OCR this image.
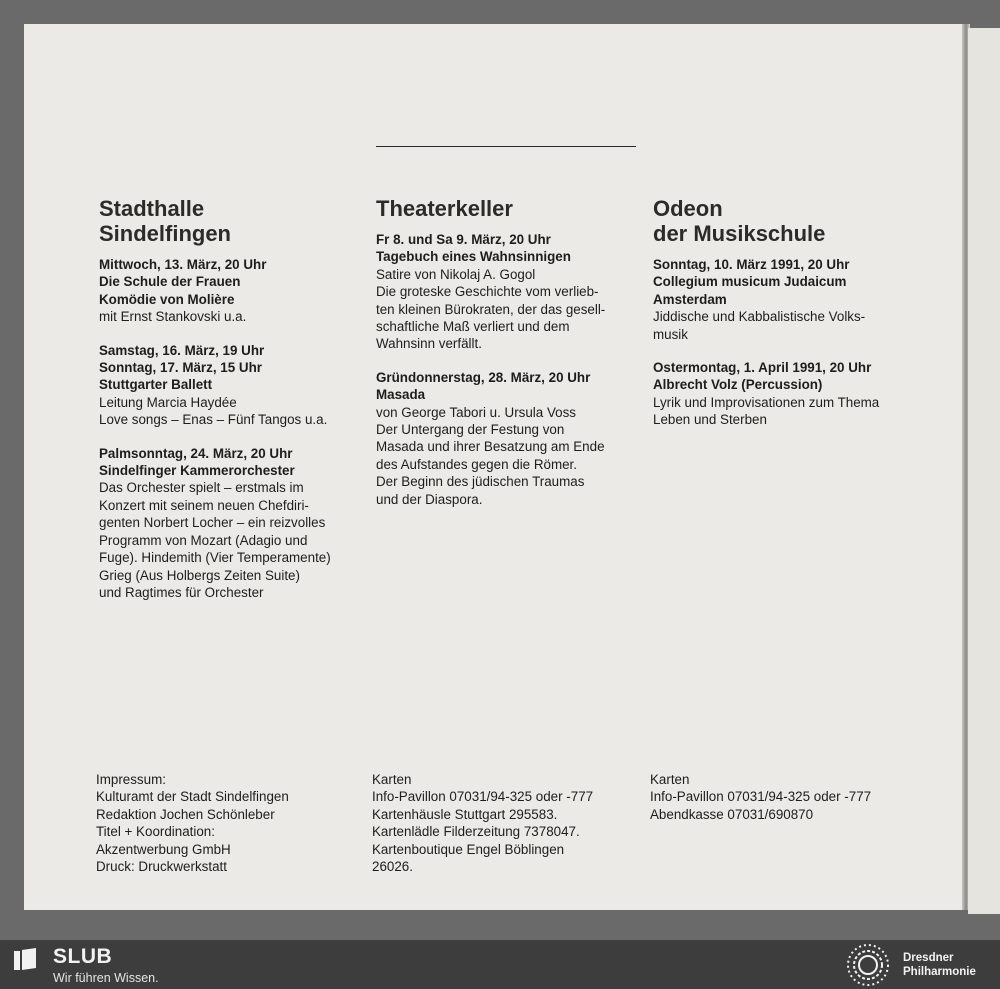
Stadthalle
Sindelfingen
Mittwoch, 13. März, 20 Uhr
Die Schule der Frauen
Komödie von Molière
mit Ernst Stankovski u.a.
Samstag, 16. März, 19 Uhr
Sonntag, 17. März, 15 Uhr
Stuttgarter Ballett
Leitung Marcia Haydée
Love songs – Enas – Fünf Tangos u.a.
Palmsonntag, 24. März, 20 Uhr
Sindelfinger Kammerorchester
Das Orchester spielt – erstmals im
Konzert mit seinem neuen Chefdiri-
genten Norbert Locher – ein reizvolles
Programm von Mozart (Adagio und
Fuge). Hindemith (Vier Temperamente)
Grieg (Aus Holbergs Zeiten Suite)
und Ragtimes für Orchester
Theaterkeller
Fr 8. und Sa 9. März, 20 Uhr
Tagebuch eines Wahnsinnigen
Satire von Nikolaj A. Gogol
Die groteske Geschichte vom verlieb-
ten kleinen Bürokraten, der das gesell-
schaftliche Maß verliert und dem
Wahnsinn verfällt.
Gründonnerstag, 28. März, 20 Uhr
Masada
von George Tabori u. Ursula Voss
Der Untergang der Festung von
Masada und ihrer Besatzung am Ende
des Aufstandes gegen die Römer.
Der Beginn des jüdischen Traumas
und der Diaspora.
Odeon
der Musikschule
Sonntag, 10. März 1991, 20 Uhr
Collegium musicum Judaicum
Amsterdam
Jiddische und Kabbalistische Volks-
musik
Ostermontag, 1. April 1991, 20 Uhr
Albrecht Volz (Percussion)
Lyrik und Improvisationen zum Thema
Leben und Sterben
Impressum:
Kulturamt der Stadt Sindelfingen
Redaktion Jochen Schönleber
Titel + Koordination:
Akzentwerbung GmbH
Druck: Druckwerkstatt
Karten
Info-Pavillon 07031/94-325 oder -777
Kartenhäusle Stuttgart 295583.
Kartenlädle Filderzeitung 7378047.
Kartenboutique Engel Böblingen
26026.
Karten
Info-Pavillon 07031/94-325 oder -777
Abendkasse 07031/690870
SLUB
Wir führen Wissen.
Dresdner
Philharmonie
